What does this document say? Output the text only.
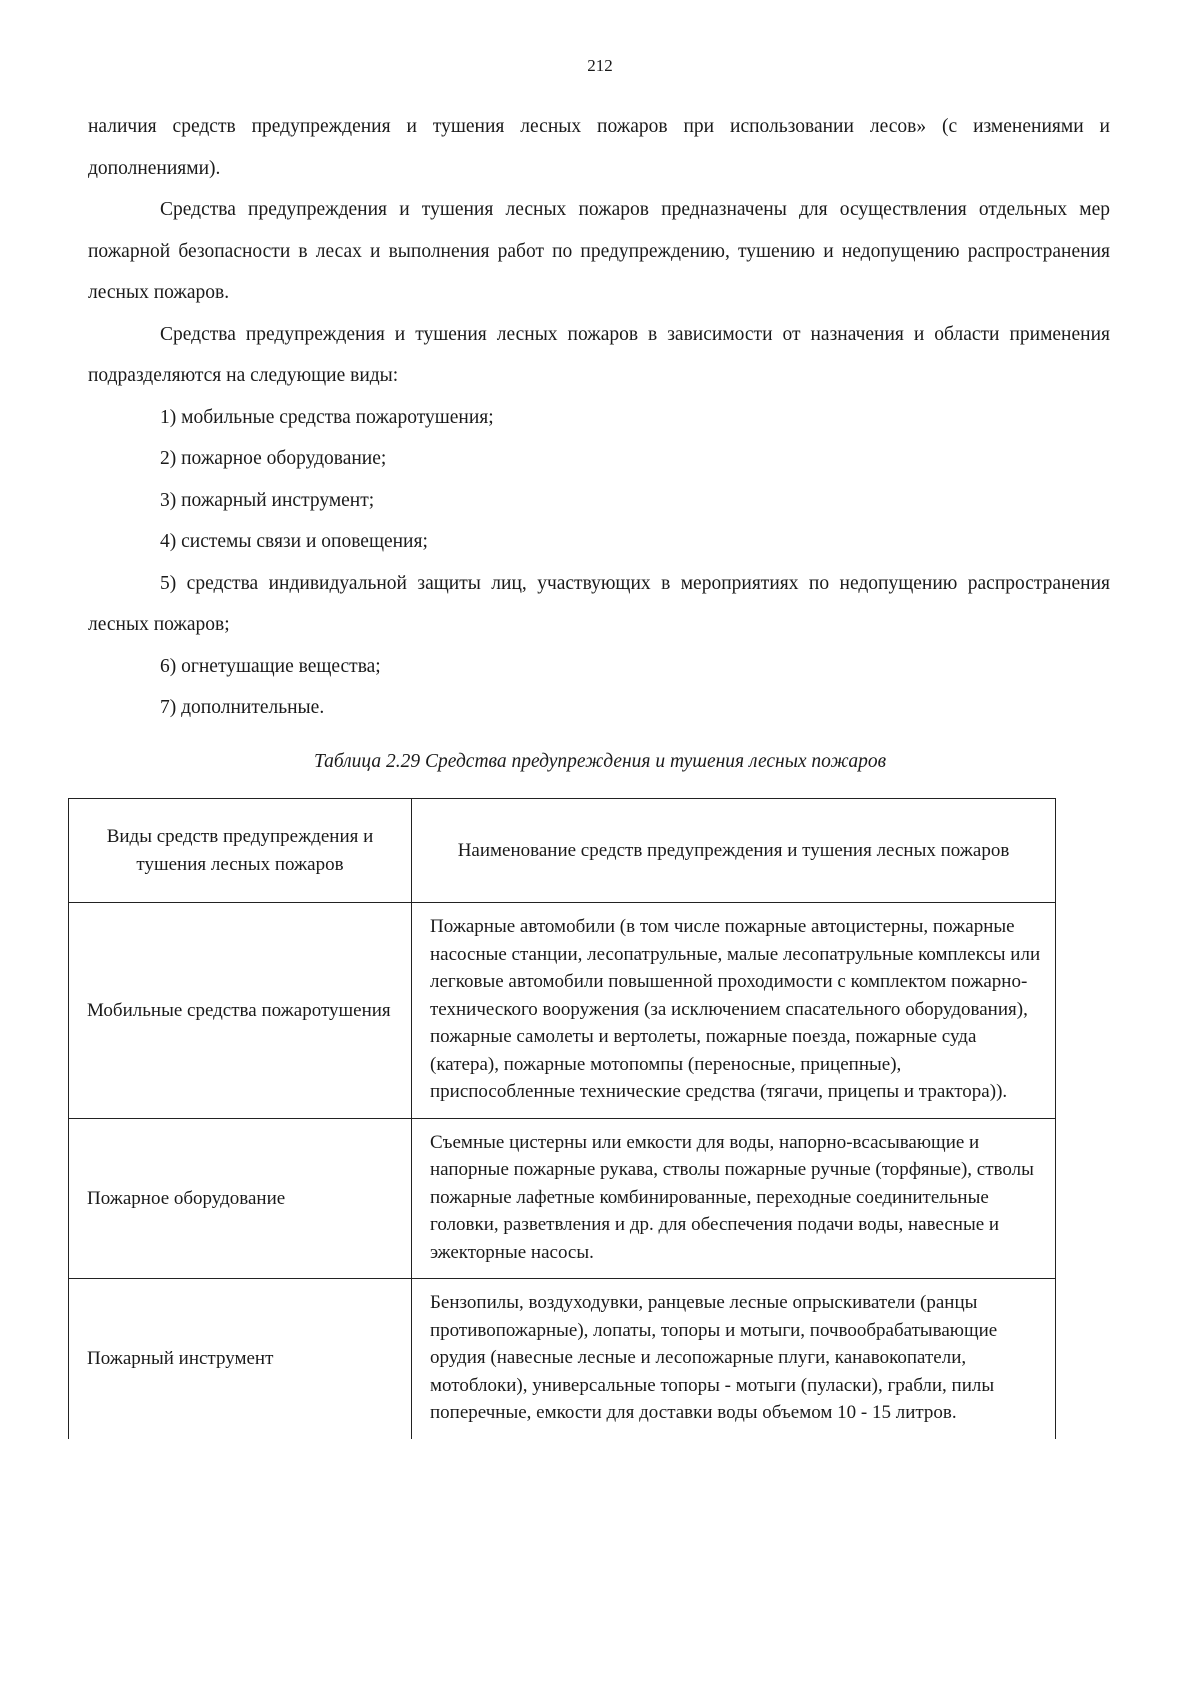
212

наличия средств предупреждения и тушения лесных пожаров при использовании лесов» (с изменениями и дополнениями).

Средства предупреждения и тушения лесных пожаров предназначены для осуществления отдельных мер пожарной безопасности в лесах и выполнения работ по предупреждению, тушению и недопущению распространения лесных пожаров.

Средства предупреждения и тушения лесных пожаров в зависимости от назначения и области применения подразделяются на следующие виды:

1) мобильные средства пожаротушения;
2) пожарное оборудование;
3) пожарный инструмент;
4) системы связи и оповещения;
5) средства индивидуальной защиты лиц, участвующих в мероприятиях по недопущению распространения лесных пожаров;
6) огнетушащие вещества;
7) дополнительные.
Таблица 2.29 Средства предупреждения и тушения лесных пожаров
Виды средств предупреждения и тушения лесных пожаров	Наименование средств предупреждения и тушения лесных пожаров
Мобильные средства пожаротушения	Пожарные автомобили (в том числе пожарные автоцистерны, пожарные насосные станции, лесопатрульные, малые лесопатрульные комплексы или легковые автомобили повышенной проходимости с комплектом пожарно-технического вооружения (за исключением спасательного оборудования), пожарные самолеты и вертолеты, пожарные поезда, пожарные суда (катера), пожарные мотопомпы (переносные, прицепные), приспособленные технические средства (тягачи, прицепы и трактора)).
Пожарное оборудование	Съемные цистерны или емкости для воды, напорно-всасывающие и напорные пожарные рукава, стволы пожарные ручные (торфяные), стволы пожарные лафетные комбинированные, переходные соединительные головки, разветвления и др. для обеспечения подачи воды, навесные и эжекторные насосы.
Пожарный инструмент	Бензопилы, воздуходувки, ранцевые лесные опрыскиватели (ранцы противопожарные), лопаты, топоры и мотыги, почвообрабатывающие орудия (навесные лесные и лесопожарные плуги, канавокопатели, мотоблоки), универсальные топоры - мотыги (пуласки), грабли, пилы поперечные, емкости для доставки воды объемом 10 - 15 литров.
